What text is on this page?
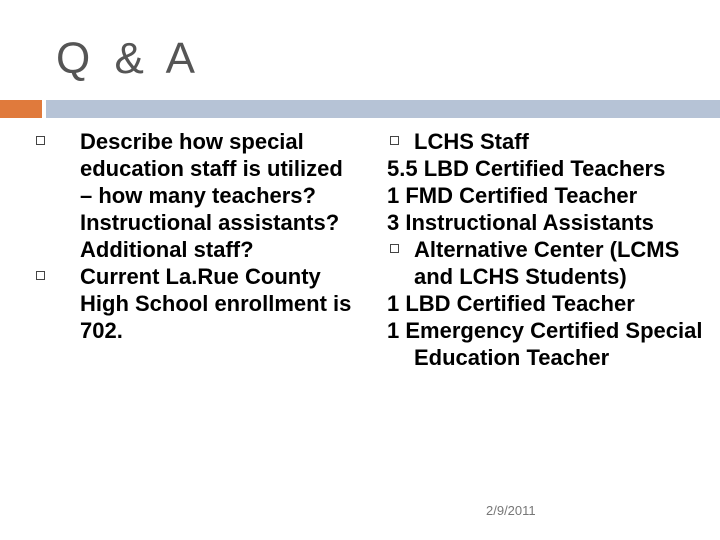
Q & A
Describe how special education staff is utilized – how many teachers? Instructional assistants? Additional staff?
Current La.Rue County High School enrollment is 702.
LCHS Staff
5.5 LBD Certified Teachers
1 FMD Certified Teacher
3 Instructional Assistants
Alternative Center (LCMS and LCHS Students)
1 LBD Certified Teacher
1 Emergency Certified Special Education Teacher
2/9/2011
